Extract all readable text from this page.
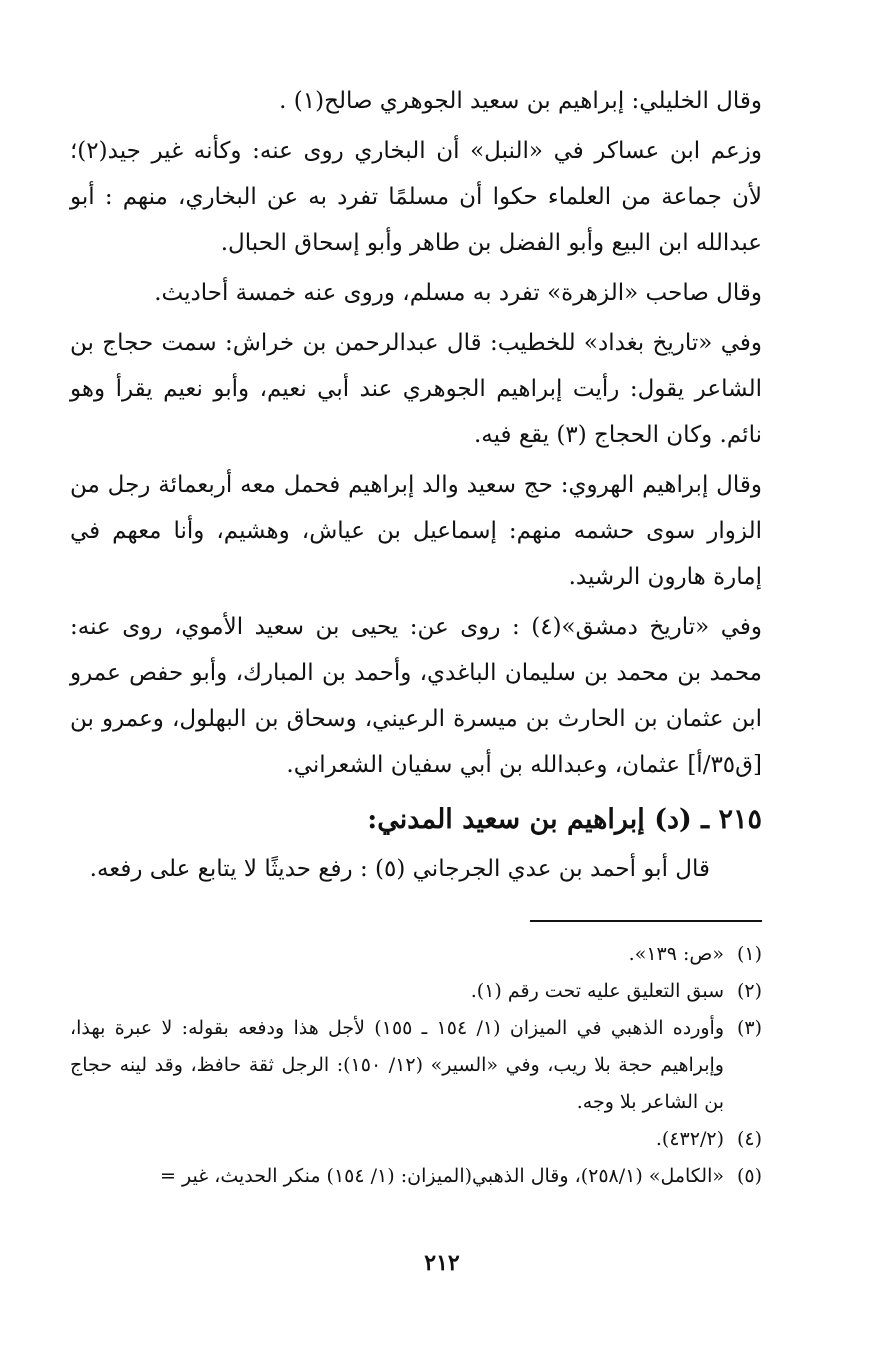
وقال الخليلي: إبراهيم بن سعيد الجوهري صالح(١) .

وزعم ابن عساكر في «النبل» أن البخاري روى عنه: وكأنه غير جيد(٢)؛ لأن جماعة من العلماء حكوا أن مسلمًا تفرد به عن البخاري، منهم : أبو عبدالله ابن البيع وأبو الفضل بن طاهر وأبو إسحاق الحبال.

وقال صاحب «الزهرة» تفرد به مسلم، وروى عنه خمسة أحاديث.

وفي «تاريخ بغداد» للخطيب: قال عبدالرحمن بن خراش: سمت حجاج بن الشاعر يقول: رأيت إبراهيم الجوهري عند أبي نعيم، وأبو نعيم يقرأ وهو نائم. وكان الحجاج (٣) يقع فيه.

وقال إبراهيم الهروي: حج سعيد والد إبراهيم فحمل معه أربعمائة رجل من الزوار سوى حشمه منهم: إسماعيل بن عياش، وهشيم، وأنا معهم في إمارة هارون الرشيد.

وفي «تاريخ دمشق»(٤) : روى عن: يحيى بن سعيد الأموي، روى عنه: محمد بن محمد بن سليمان الباغدي، وأحمد بن المبارك، وأبو حفص عمرو ابن عثمان بن الحارث بن ميسرة الرعيني، وسحاق بن البهلول، وعمرو بن [ق٣٥/أ] عثمان، وعبدالله بن أبي سفيان الشعراني.

٢١٥ ـ (د) إبراهيم بن سعيد المدني:

قال أبو أحمد بن عدي الجرجاني (٥) : رفع حديثًا لا يتابع على رفعه.

(١)
«ص: ١٣٩».
(٢)
سبق التعليق عليه تحت رقم (١).
(٣)
وأورده الذهبي في الميزان (١/ ١٥٤ ـ ١٥٥) لأجل هذا ودفعه بقوله: لا عبرة بهذا، وإبراهيم حجة بلا ريب، وفي «السير» (١٢/ ١٥٠): الرجل ثقة حافظ، وقد لينه حجاج بن الشاعر بلا وجه.
(٤)
(٤٣٢/٢).
(٥)
«الكامل» (٢٥٨/١)، وقال الذهبي(الميزان: (١/ ١٥٤) منكر الحديث، غير =
٢١٢
